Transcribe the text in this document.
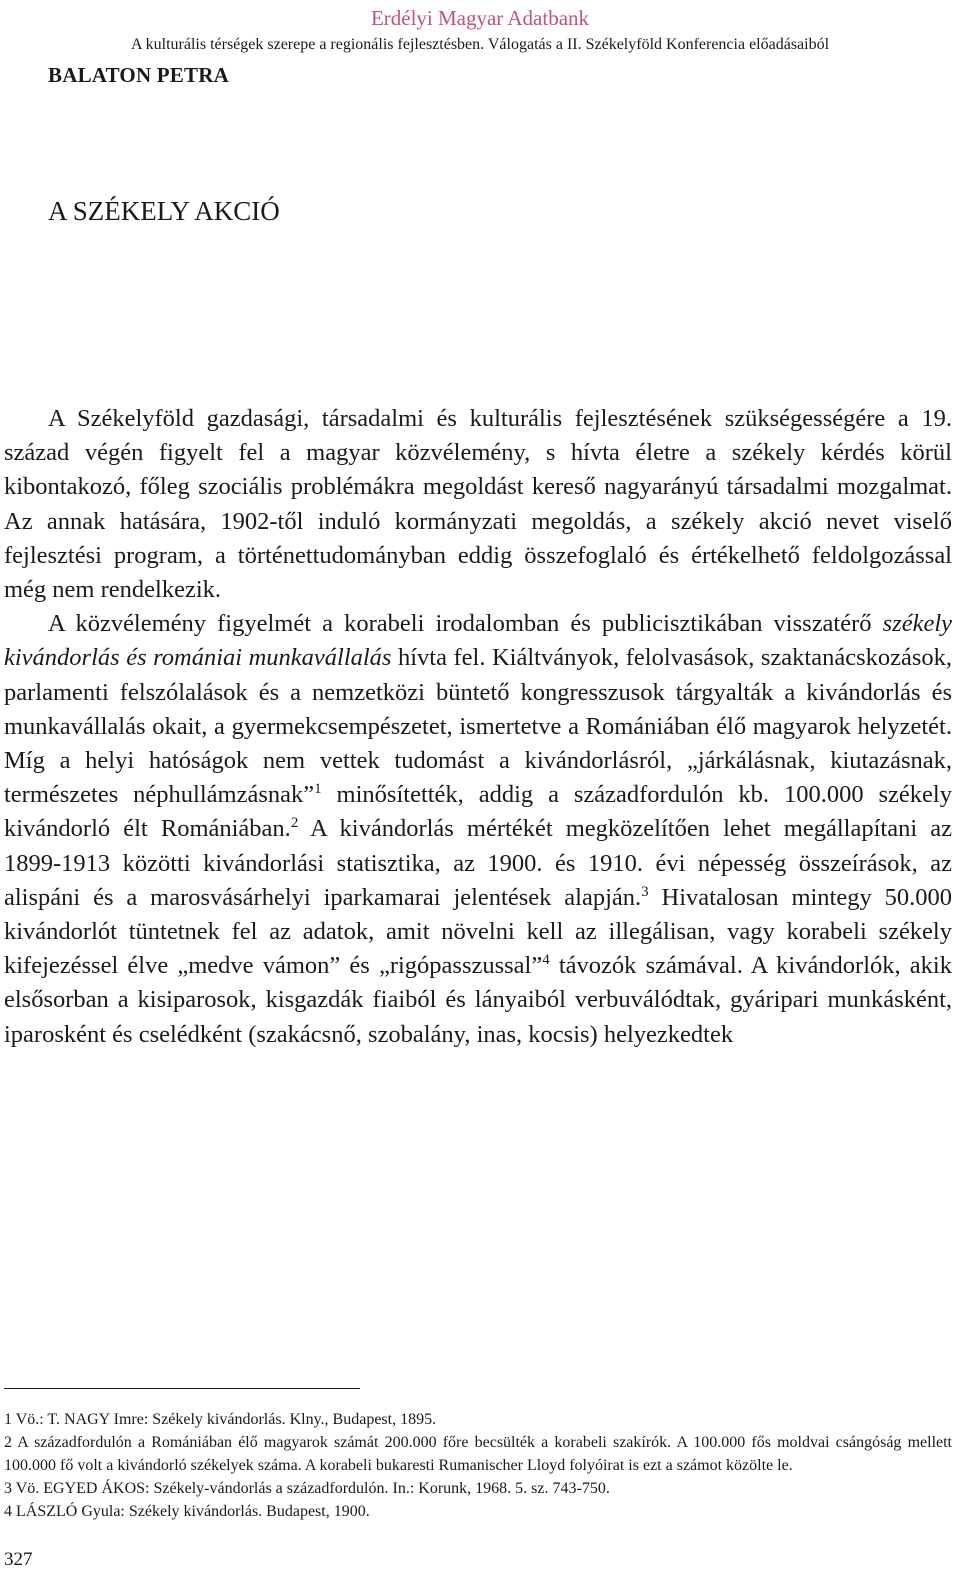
Erdélyi Magyar Adatbank
A kulturális térségek szerepe a regionális fejlesztésben. Válogatás a II. Székelyföld Konferencia előadásaiból
BALATON PETRA
A SZÉKELY AKCIÓ

A Székelyföld gazdasági, társadalmi és kulturális fejlesztésének szükségességére a 19. század végén figyelt fel a magyar közvélemény, s hívta életre a székely kérdés körül kibontakozó, főleg szociális problémákra megoldást kereső nagyarányú társadalmi mozgalmat. Az annak hatására, 1902-től induló kormányzati megoldás, a székely akció nevet viselő fejlesztési program, a történettudományban eddig összefoglaló és értékelhető feldolgozással még nem rendelkezik.

A közvélemény figyelmét a korabeli irodalomban és publicisztikában visszatérő székely kivándorlás és romániai munkavállalás hívta fel. Kiáltványok, felolvasások, szaktanácskozások, parlamenti felszólalások és a nemzetközi büntető kongresszusok tárgyalták a kivándorlás és munkavállalás okait, a gyermekcsempészetet, ismertetve a Romániában élő magyarok helyzetét. Míg a helyi hatóságok nem vettek tudomást a kivándorlásról, „járkálásnak, kiutazásnak, természetes néphullámzásnak”$^1$ minősítették, addig a századfordulón kb. 100.000 székely kivándorló élt Romániában.$^2$ A kivándorlás mértékét megközelítően lehet megállapítani az 1899-1913 közötti kivándorlási statisztika, az 1900. és 1910. évi népesség összeírások, az alispáni és a marosvásárhelyi iparkamarai jelentések alapján.$^3$ Hivatalosan mintegy 50.000 kivándorlót tüntetnek fel az adatok, amit növelni kell az illegálisan, vagy korabeli székely kifejezéssel élve „medve vámon” és „rigópasszussal”$^4$ távozók számával. A kivándorlók, akik elsősorban a kisiparosok, kisgazdák fiaiból és lányaiból verbuválódtak, gyáripari munkásként, iparosként és cselédként (szakácsnő, szobalány, inas, kocsis) helyezkedtek

1 Vö.: T. NAGY Imre: Székely kivándorlás. Klny., Budapest, 1895.

2 A századfordulón a Romániában élő magyarok számát 200.000 főre becsülték a korabeli szakírók. A 100.000 fős moldvai csángóság mellett 100.000 fő volt a kivándorló székelyek száma. A korabeli bukaresti Rumanischer Lloyd folyóirat is ezt a számot közölte le.

3 Vö. EGYED ÁKOS: Székely-vándorlás a századfordulón. In.: Korunk, 1968. 5. sz. 743-750.

4 LÁSZLÓ Gyula: Székely kivándorlás. Budapest, 1900.

327
